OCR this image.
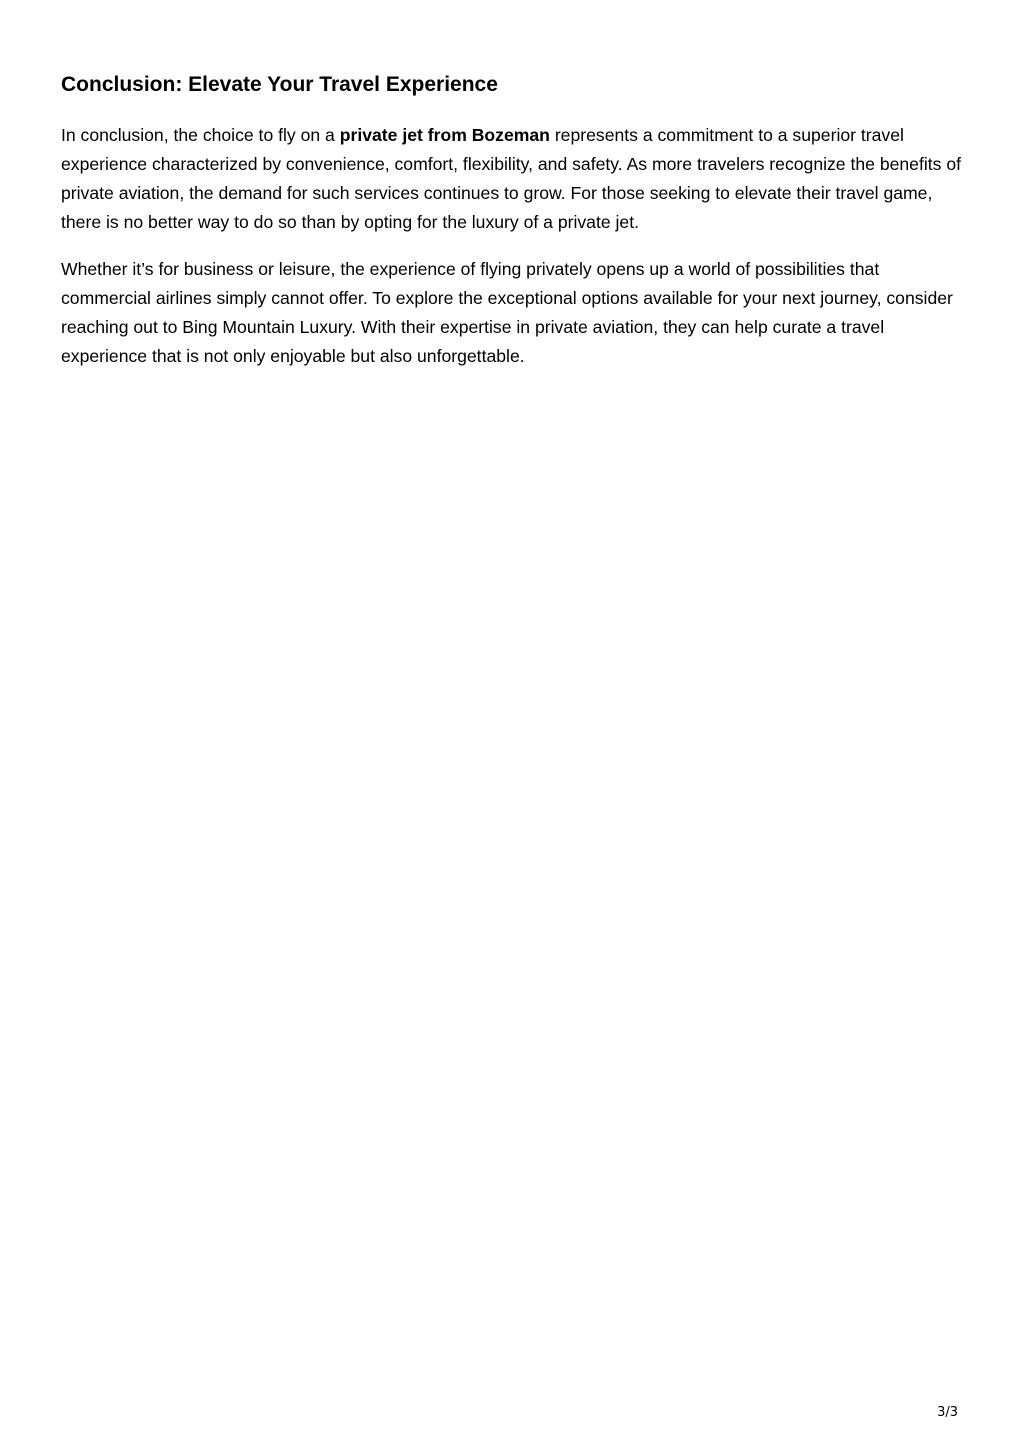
Conclusion: Elevate Your Travel Experience

In conclusion, the choice to fly on a private jet from Bozeman represents a commitment to a superior travel experience characterized by convenience, comfort, flexibility, and safety. As more travelers recognize the benefits of private aviation, the demand for such services continues to grow. For those seeking to elevate their travel game, there is no better way to do so than by opting for the luxury of a private jet.

Whether it’s for business or leisure, the experience of flying privately opens up a world of possibilities that commercial airlines simply cannot offer. To explore the exceptional options available for your next journey, consider reaching out to Bing Mountain Luxury. With their expertise in private aviation, they can help curate a travel experience that is not only enjoyable but also unforgettable.

3/3
